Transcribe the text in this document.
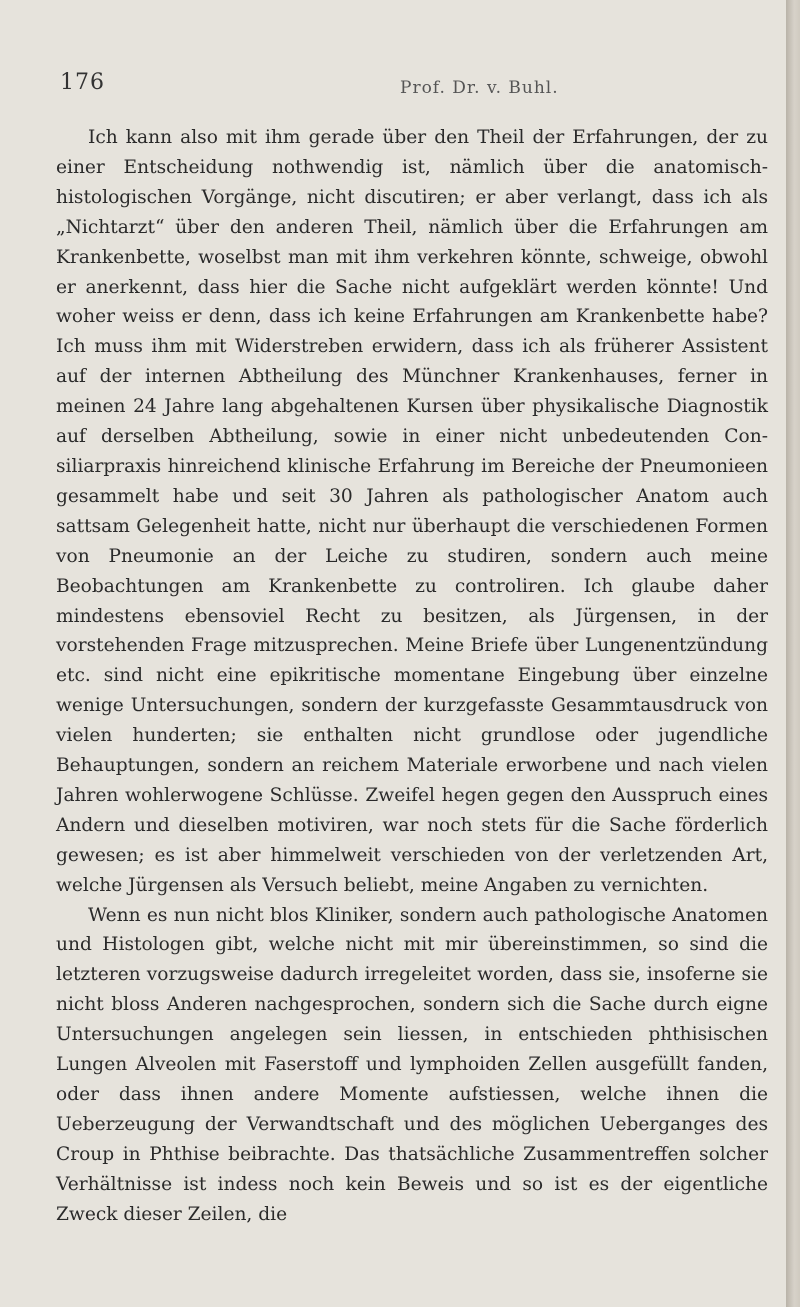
176	Prof. Dr. v. Buhl.

Ich kann also mit ihm gerade über den Theil der Erfahrungen, der zu einer Entscheidung nothwendig ist, nämlich über die anatomisch-histologischen Vorgänge, nicht discutiren; er aber verlangt, dass ich als „Nichtarzt“ über den anderen Theil, nämlich über die Erfahrungen am Krankenbette, woselbst man mit ihm verkehren könnte, schweige, obwohl er anerkennt, dass hier die Sache nicht aufgeklärt werden könnte! Und woher weiss er denn, dass ich keine Erfahrungen am Krankenbette habe? Ich muss ihm mit Widerstreben erwidern, dass ich als früherer Assistent auf der internen Abtheilung des Münchner Krankenhauses, ferner in meinen 24 Jahre lang abgehaltenen Kursen über physikalische Diagnostik auf derselben Abtheilung, sowie in einer nicht unbedeutenden Consiliarpraxis hinreichend klinische Erfahrung im Bereiche der Pneumonieen gesammelt habe und seit 30 Jahren als pathologischer Anatom auch sattsam Gelegenheit hatte, nicht nur überhaupt die verschiedenen Formen von Pneumonie an der Leiche zu studiren, sondern auch meine Beobachtungen am Krankenbette zu controliren. Ich glaube daher mindestens ebensoviel Recht zu besitzen, als Jürgensen, in der vorstehenden Frage mitzusprechen. Meine Briefe über Lungenentzündung etc. sind nicht eine epikritische momentane Eingebung über einzelne wenige Untersuchungen, sondern der kurzgefasste Gesammtausdruck von vielen hunderten; sie enthalten nicht grundlose oder jugendliche Behauptungen, sondern an reichem Materiale erworbene und nach vielen Jahren wohlerwogene Schlüsse. Zweifel hegen gegen den Ausspruch eines Andern und dieselben motiviren, war noch stets für die Sache förderlich gewesen; es ist aber himmelweit verschieden von der verletzenden Art, welche Jürgensen als Versuch beliebt, meine Angaben zu vernichten.

Wenn es nun nicht blos Kliniker, sondern auch pathologische Anatomen und Histologen gibt, welche nicht mit mir übereinstimmen, so sind die letzteren vorzugsweise dadurch irregeleitet worden, dass sie, insoferne sie nicht bloss Anderen nachgesprochen, sondern sich die Sache durch eigne Untersuchungen angelegen sein liessen, in entschieden phthisischen Lungen Alveolen mit Faserstoff und lymphoiden Zellen ausgefüllt fanden, oder dass ihnen andere Momente aufstiessen, welche ihnen die Ueberzeugung der Verwandtschaft und des möglichen Ueberganges des Croup in Phthise beibrachte. Das thatsächliche Zusammentreffen solcher Verhältnisse ist indess noch kein Beweis und so ist es der eigentliche Zweck dieser Zeilen, die
